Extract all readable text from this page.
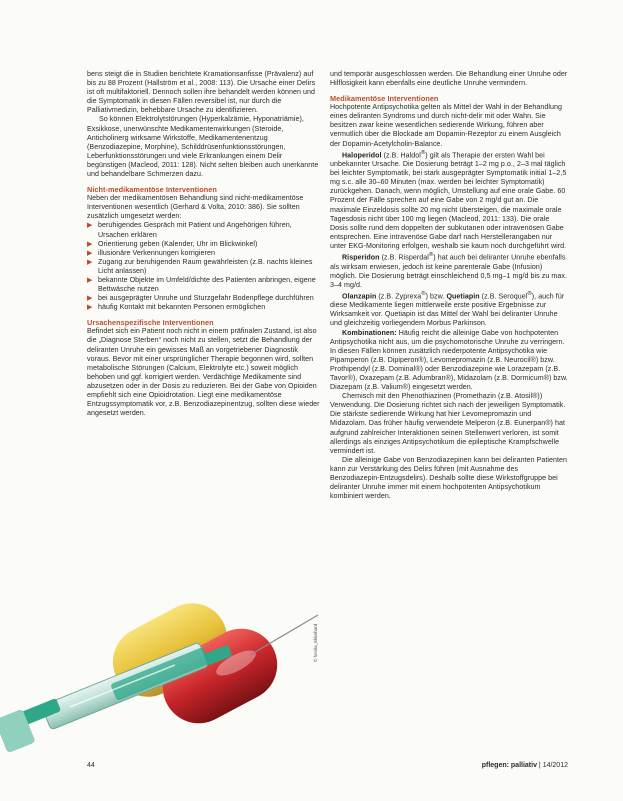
bens steigt die in Studien berichtete Kramationsanfisse (Prävalenz) auf bis zu 88 Prozent (Hallström et al., 2008: 113). Die Ursache einer Delirs ist oft multifaktoriell. Dennoch sollen ihre behandelt werden können und die Symptomatik in diesen Fällen reversibel ist, nur durch die Palliativmedizin, behebbare Ursache zu identifizieren.

So können Elektrolytstörungen (Hyperkalzämie, Hyponatriämie), Exsikkose, unerwünschte Medikamentenwirkungen (Steroide, Anticholinerg wirksame Wirkstoffe, Medikamentenentzug (Benzodiazepine, Morphine), Schilddrüsenfunktionsstörungen, Leberfunktionsstörungen und viele Erkrankungen einem Delir begünstigen (Macleod, 2011: 128). Nicht selten bleiben auch unerkannte und behandelbare Schmerzen dazu.

Nicht-medikamentöse Interventionen

Neben der medikamentösen Behandlung sind nicht-medikamentöse Interventionen wesentlich (Gerhard & Volta, 2010: 386). Sie sollten zusätzlich umgesetzt werden:

▶ beruhigendes Gespräch mit Patient und Angehörigen führen, Ursachen erklären
▶ Orientierung geben (Kalender, Uhr im Blickwinkel)
▶ illusionäre Verkennungen korrigieren
▶ Zugang zur beruhigenden Raum gewährleisten (z.B. nachts kleines Licht anlassen)
▶ bekannte Objekte im Umfeld/dichte des Patienten anbringen, eigene Bettwäsche nutzen
▶ bei ausgeprägter Unruhe und Sturzgefahr Bodenpflege durchführen
▶ häufig Kontakt mit bekannten Personen ermöglichen
Ursachenspezifische Interventionen

Befindet sich ein Patient noch nicht in einem präfinalen Zustand, ist also die „Diagnose Sterben“ noch nicht zu stellen, setzt die Behandlung der deliranten Unruhe ein gewisses Maß an vorgetriebener Diagnostik voraus. Bevor mit einer ursprünglicher Therapie begonnen wird, sollten metabolische Störungen (Calcium, Elektrolyte etc.) soweit möglich behoben und ggf. korrigiert werden. Verdächtige Medikamente sind abzusetzen oder in der Dosis zu reduzieren. Bei der Gabe von Opioiden empfiehlt sich eine Opioidrotation. Liegt eine medikamentöse Entzugssymptomatik vor, z.B. Benzodiazepinentzug, sollten diese wieder angesetzt werden.

und temporär ausgeschlossen werden. Die Behandlung einer Unruhe oder Hilflosigkeit kann ebenfalls eine deutliche Unruhe vermindern.

Medikamentöse Interventionen

Hochpotente Antipsychotika gelten als Mittel der Wahl in der Behandlung eines deliranten Syndroms und durch nicht-delir mit oder Wahn. Sie besitzen zwar keine wesentlichen sedierende Wirkung, führen aber vermutlich über die Blockade am Dopamin-Rezeptor zu einem Ausgleich der Dopamin-Acetylcholin-Balance.

Haloperidol (z.B. Haldol®) gilt als Therapie der ersten Wahl bei unbekannter Ursache. Die Dosierung beträgt 1–2 mg p.o., 2–3 mal täglich bei leichter Symptomatik, bei stark ausgeprägter Symptomatik initial 1–2,5 mg s.c. alle 30–60 Minuten (max. werden bei leichter Symptomatik) zurückgehen. Danach, wenn möglich, Umstellung auf eine orale Gabe. 60 Prozent der Fälle sprechen auf eine Gabe von 2 mg/d gut an. Die maximale Einzeldosis sollte 20 mg nicht übersteigen, die maximale orale Tagesdosis nicht über 100 mg liegen (Macleod, 2011: 133). Die orale Dosis sollte rund dem doppelten der subkutanen oder intravenösen Gabe entsprechen. Eine intravenöse Gabe darf nach Herstellerangaben nur unter EKG-Monitoring erfolgen, weshalb sie kaum noch durchgeführt wird.

Risperidon (z.B. Risperdal®) hat auch bei deliranter Unruhe ebenfalls als wirksam erwiesen, jedoch ist keine parenterale Gabe (Infusion) möglich. Die Dosierung beträgt einschleichend 0,5 mg–1 mg/d bis zu max. 3–4 mg/d.

Olanzapin (z.B. Zyprexa®) bzw. Quetiapin (z.B. Seroquel®), auch für diese Medikamente liegen mittlerweile erste positive Ergebnisse zur Wirksamkeit vor. Quetiapin ist das Mittel der Wahl bei deliranter Unruhe und gleichzeitig vorliegendem Morbus Parkinson.

Kombinationen: Häufig reicht die alleinige Gabe von hochpotenten Antipsychotika nicht aus, um die psychomotorische Unruhe zu verringern. In diesen Fällen können zusätzlich niederpotente Antipsychotika wie Pipamperon (z.B. Dipiperon®), Levomepromazin (z.B. Neurocil®) bzw. Prothipendyl (z.B. Dominal®) oder Benzodiazepine wie Lorazepam (z.B. Tavor®), Oxazepam (z.B. Adumbran®), Midazolam (z.B. Dormicum®) bzw. Diazepam (z.B. Valium®) eingesetzt werden.

Chemisch mit den Phenothiazinen (Promethazin (z.B. Atosil®)) Verwendung. Die Dosierung richtet sich nach der jeweiligen Symptomatik. Die stärkste sedierende Wirkung hat hier Levomepromazin und Midazolam. Das früher häufig verwendete Melperon (z.B. Eunerpan®) hat aufgrund zahlreicher Interaktionen seinen Stellenwert verloren, ist somit allerdings als einziges Antipsychotikum die epileptische Krampfschwelle vermindert ist.

Die alleinige Gabe von Benzodiazepinen kann bei deliranten Patienten kann zur Verstärkung des Delirs führen (mit Ausnahme des Benzodiazepin-Entzugsdelirs). Deshalb sollte diese Wirkstoffgruppe bei deliranter Unruhe immer mit einem hochpotenten Antipsychotikum kombiniert werden.

© fotolia_Ekkehard
44	pflegen: palliativ | 14/2012
